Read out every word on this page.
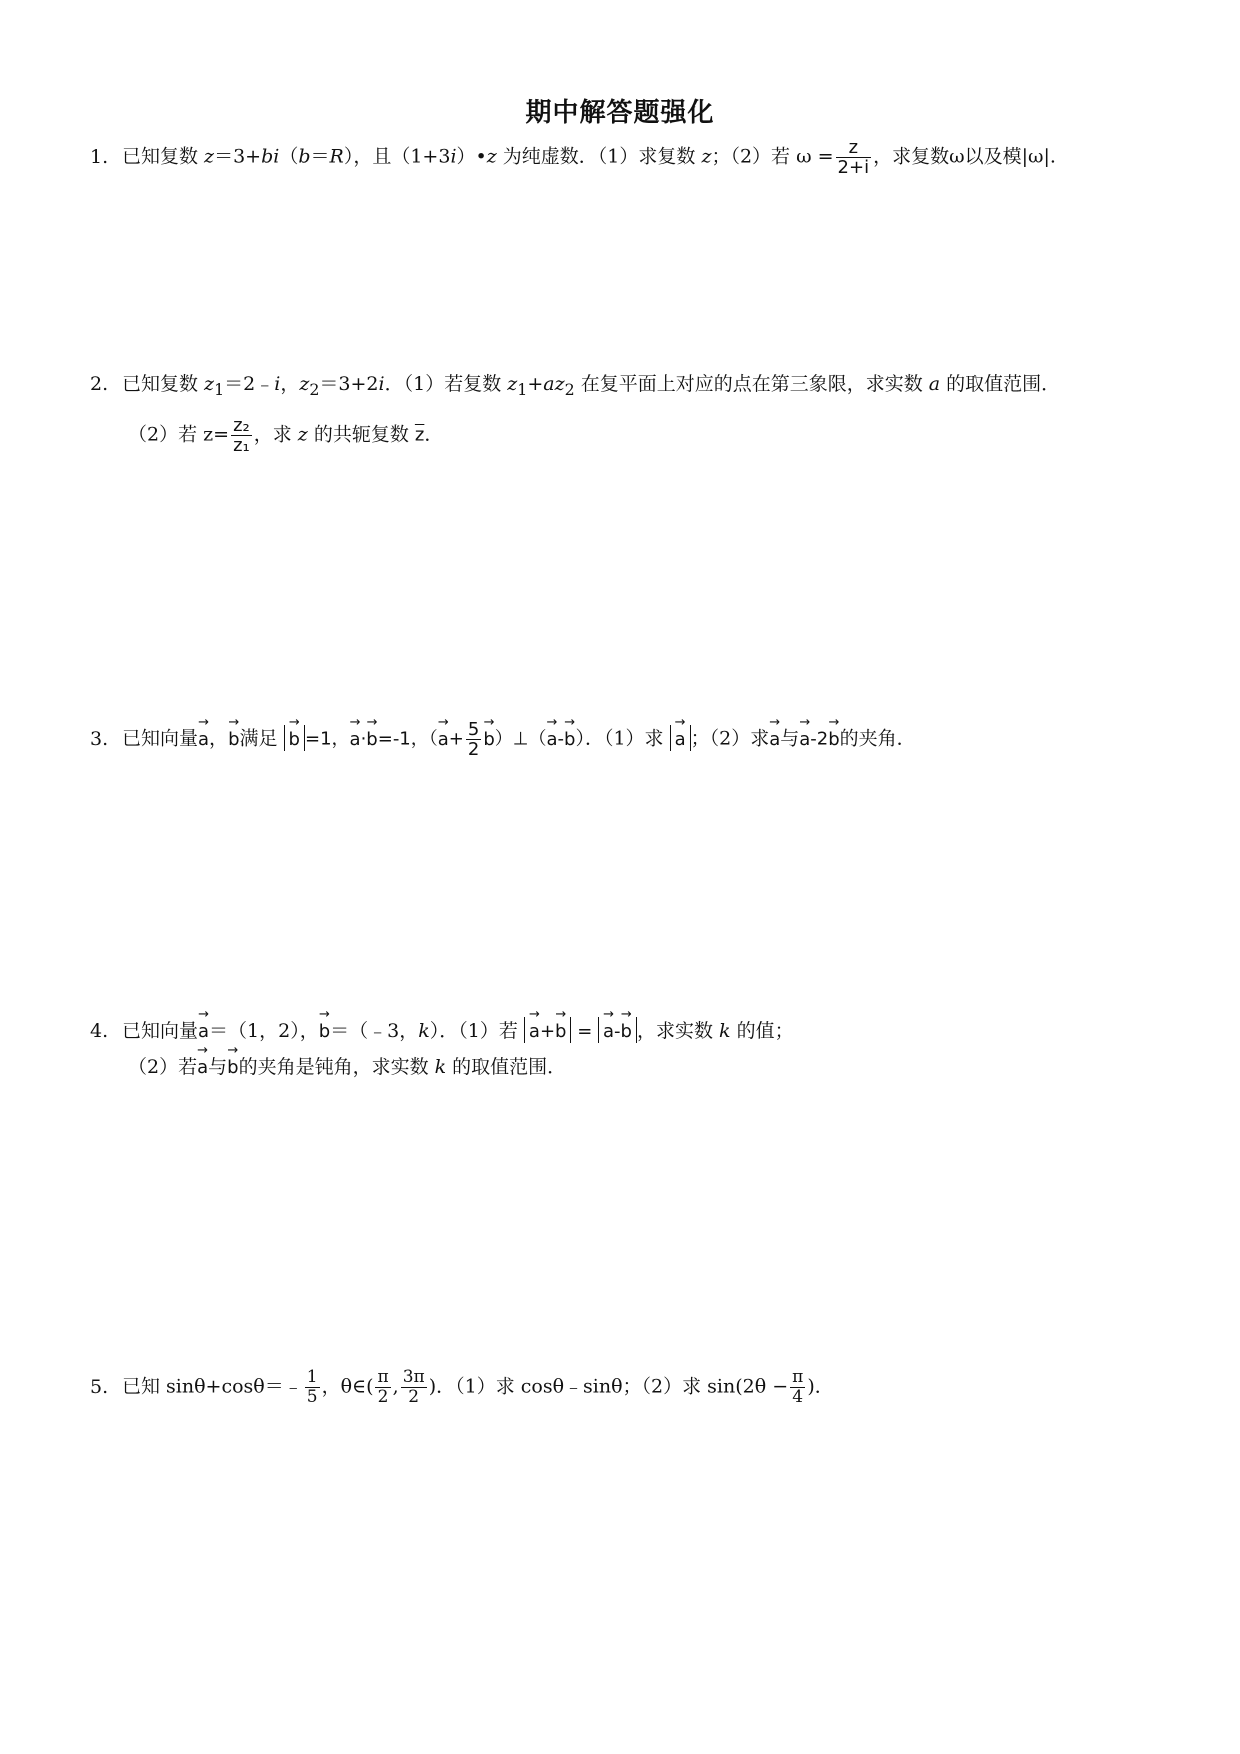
期中解答题强化
1. 已知复数 z＝3+bi（b＝R），且（1+3i）•z 为纯虚数．（1）求复数 z；（2）若 $\omega = \frac{z}{2+i}$ ，求复数ω以及模|ω|.
2. 已知复数 $z_1=2﹣i$，$z_2=3+2i$．（1）若复数 $z_1+az_2$ 在复平面上对应的点在第三象限，求实数 a 的取值范围．
（2）若 $z= \frac{\text{z₂}}{\text{z₁}}$ ，求 z 的共轭复数 $\overline{z}$．
3. 已知向量→ a，→ b满足 → b =1，→ a·→ b=-1，（→ $a+ \frac{5}{2}$ → b）⊥（→ a-→ b）．（1）求 → a ；（2）求→ a与→ a-2→ b的夹角．
4. 已知向量→ a＝（1，2），→ b＝（﹣3，k）．（1）若 → a+→ b = → a-→ b ，求实数 k 的值；
（2）若→ a与→ b的夹角是钝角，求实数 k 的取值范围．
5. 已知 sinθ+cosθ＝﹣ $\frac{1}{5}$ ，θ∈( $\frac{\pi}{2}$ , $\frac{3\pi}{2}$ )．（1）求 cosθ﹣sinθ；（2）求 $\sin(2\theta - \frac{\pi}{4}$ )．
